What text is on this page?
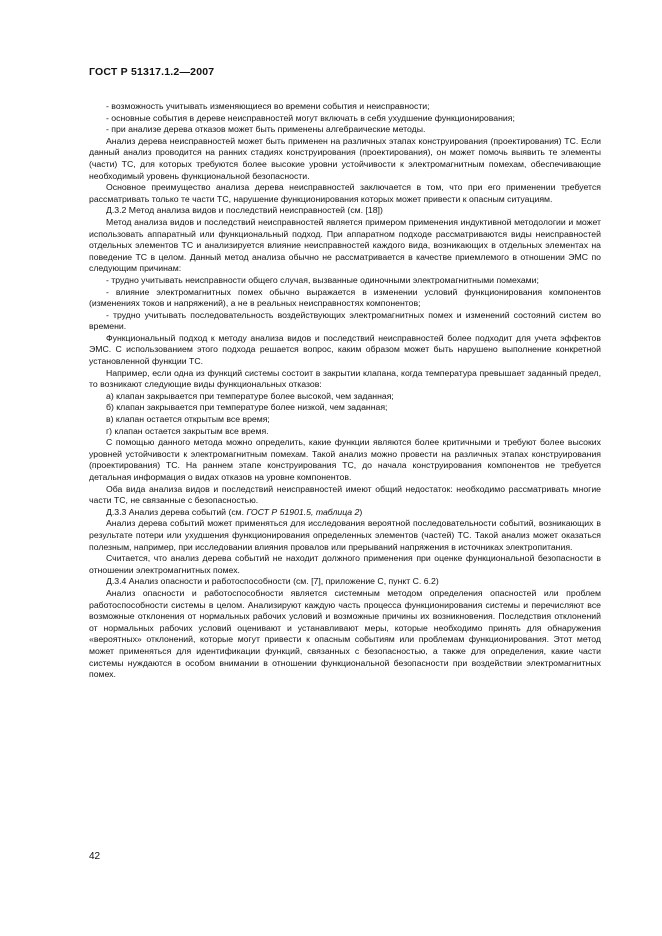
ГОСТ Р 51317.1.2—2007

- возможность учитывать изменяющиеся во времени события и неисправности;

- основные события в дереве неисправностей могут включать в себя ухудшение функционирования;

- при анализе дерева отказов может быть применены алгебраические методы.

Анализ дерева неисправностей может быть применен на различных этапах конструирования (проектирования) ТС. Если данный анализ проводится на ранних стадиях конструирования (проектирования), он может помочь выявить те элементы (части) ТС, для которых требуются более высокие уровни устойчивости к электромагнитным помехам, обеспечивающие необходимый уровень функциональной безопасности.

Основное преимущество анализа дерева неисправностей заключается в том, что при его применении требуется рассматривать только те части ТС, нарушение функционирования которых может привести к опасным ситуациям.

Д.3.2 Метод анализа видов и последствий неисправностей (см. [18])

Метод анализа видов и последствий неисправностей является примером применения индуктивной методологии и может использовать аппаратный или функциональный подход. При аппаратном подходе рассматриваются виды неисправностей отдельных элементов ТС и анализируется влияние неисправностей каждого вида, возникающих в отдельных элементах на поведение ТС в целом. Данный метод анализа обычно не рассматривается в качестве приемлемого в отношении ЭМС по следующим причинам:

- трудно учитывать неисправности общего случая, вызванные одиночными электромагнитными помехами;

- влияние электромагнитных помех обычно выражается в изменении условий функционирования компонентов (изменениях токов и напряжений), а не в реальных неисправностях компонентов;

- трудно учитывать последовательность воздействующих электромагнитных помех и изменений состояний систем во времени.

Функциональный подход к методу анализа видов и последствий неисправностей более подходит для учета эффектов ЭМС. С использованием этого подхода решается вопрос, каким образом может быть нарушено выполнение конкретной установленной функции ТС.

Например, если одна из функций системы состоит в закрытии клапана, когда температура превышает заданный предел, то возникают следующие виды функциональных отказов:

а) клапан закрывается при температуре более высокой, чем заданная;

б) клапан закрывается при температуре более низкой, чем заданная;

в) клапан остается открытым все время;

г) клапан остается закрытым все время.

С помощью данного метода можно определить, какие функции являются более критичными и требуют более высоких уровней устойчивости к электромагнитным помехам. Такой анализ можно провести на различных этапах конструирования (проектирования) ТС. На раннем этапе конструирования ТС, до начала конструирования компонентов не требуется детальная информация о видах отказов на уровне компонентов.

Оба вида анализа видов и последствий неисправностей имеют общий недостаток: необходимо рассматривать многие части ТС, не связанные с безопасностью.

Д.3.3 Анализ дерева событий (см. ГОСТ Р 51901.5, таблица 2)

Анализ дерева событий может применяться для исследования вероятной последовательности событий, возникающих в результате потери или ухудшения функционирования определенных элементов (частей) ТС. Такой анализ может оказаться полезным, например, при исследовании влияния провалов или прерываний напряжения в источниках электропитания.

Считается, что анализ дерева событий не находит должного применения при оценке функциональной безопасности в отношении электромагнитных помех.

Д.3.4 Анализ опасности и работоспособности (см. [7], приложение С, пункт С. 6.2)

Анализ опасности и работоспособности является системным методом определения опасностей или проблем работоспособности системы в целом. Анализируют каждую часть процесса функционирования системы и перечисляют все возможные отклонения от нормальных рабочих условий и возможные причины их возникновения. Последствия отклонений от нормальных рабочих условий оценивают и устанавливают меры, которые необходимо принять для обнаружения «вероятных» отклонений, которые могут привести к опасным событиям или проблемам функционирования. Этот метод может применяться для идентификации функций, связанных с безопасностью, а также для определения, какие части системы нуждаются в особом внимании в отношении функциональной безопасности при воздействии электромагнитных помех.

42
